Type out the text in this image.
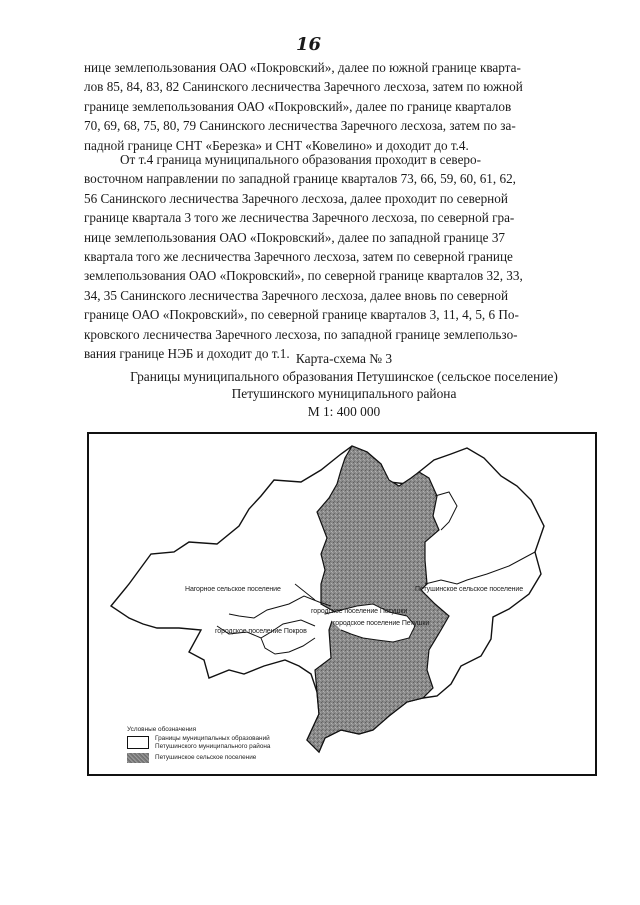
16
нице землепользования ОАО «Покровский», далее по южной границе кварта-
лов 85, 84, 83, 82 Санинского лесничества Заречного лесхоза, затем по южной
границе землепользования ОАО «Покровский», далее по границе кварталов
70, 69, 68, 75, 80, 79 Санинского лесничества Заречного лесхоза, затем по за-
падной границе СНТ «Березка» и СНТ «Ковелино» и доходит до т.4.
От т.4 граница муниципального образования проходит в северо-
восточном направлении по западной границе кварталов 73, 66, 59, 60, 61, 62,
56 Санинского лесничества Заречного лесхоза, далее проходит по северной
границе квартала 3 того же лесничества Заречного лесхоза, по северной гра-
нице землепользования ОАО «Покровский», далее по западной границе 37
квартала того же лесничества Заречного лесхоза, затем по северной границе
землепользования ОАО «Покровский», по северной границе кварталов 32, 33,
34, 35 Санинского лесничества Заречного лесхоза, далее вновь по северной
границе ОАО «Покровский», по северной границе кварталов 3, 11, 4, 5, 6 По-
кровского лесничества Заречного лесхоза, по западной границе землепользо-
вания границе НЭБ и доходит до т.1. Карта-схема № 3
Границы муниципального образования Петушинское (сельское поселение)
Петушинского муниципального района
М 1: 400 000
Нагорное сельское поселение	Петушинское сельское поселение
городское поселение Петушки
городское поселение Петушки
городское поселение Покров
Условные обозначения
Границы муниципальных образований
Петушинского муниципального района
Петушинское сельское поселение
